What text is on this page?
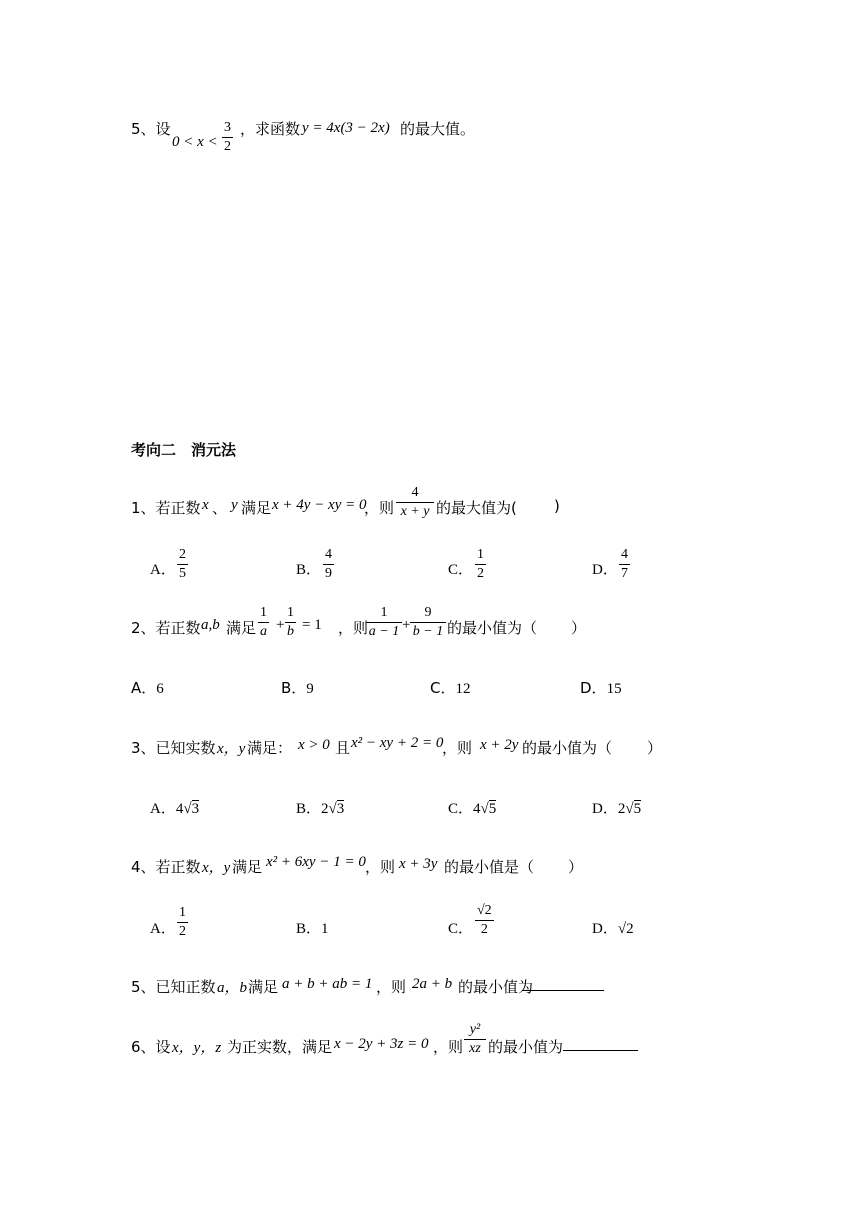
5、设
0 < x <
3
2
，求函数 y = 4x(3 − 2x) 的最大值。
考向二　消元法
1、若正数 x 、 y 满足 x + 4y − xy = 0
，则
4
x + y 的最大值为( )
A．
2
5	B．
4
9	C．
1
2	D．
4
7
2、若正数 a,b 满足
1
a +
1
b = 1 ，则
1
a − 1 +
9
b − 1 的最小值为（ ）
A．6	B．9	C．12	D．15
3、已知实数 x，y 满足： x > 0 且 x² − xy + 2 = 0
，则 x + 2y 的最小值为（ ）
A．4√3	B．2√3	C．4√5	D．2√5
4、若正数 x，y 满足 x² + 6xy − 1 = 0 ，则 x + 3y 的最小值是（ ）
A．
1
2	B．1	C．
√2
2	D．√2
5、已知正数 a，b 满足 a + b + ab = 1 ，则 2a + b 的最小值为
6、设 x，y，z 为正实数，满足 x − 2y + 3z = 0 ，则
y²
xz 的最小值为
